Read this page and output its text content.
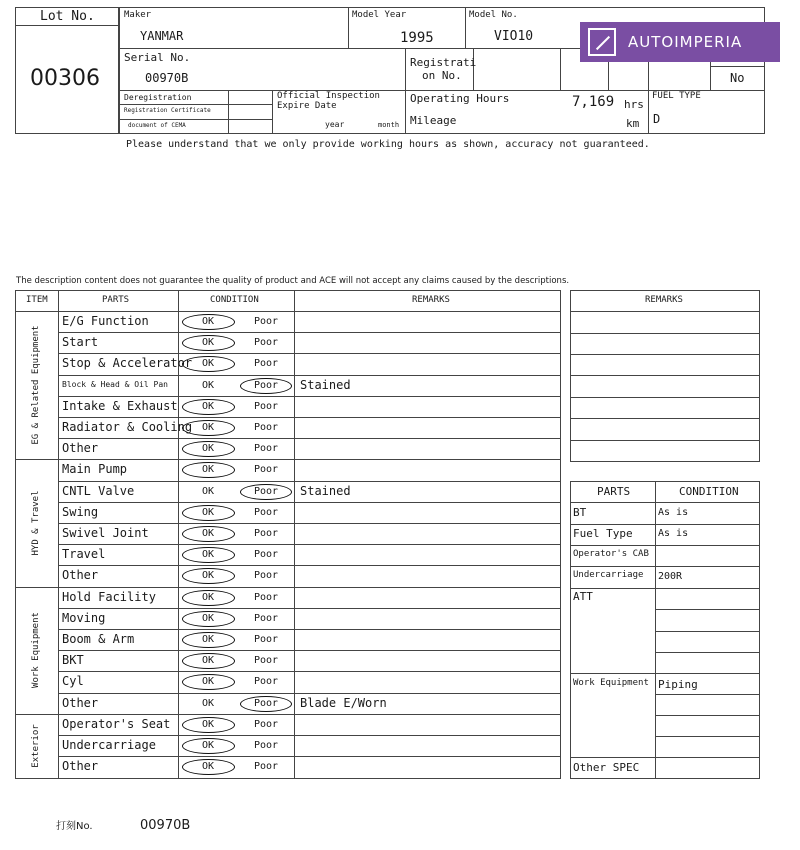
Lot No.
00306
Maker
YANMAR
Model Year
1995
Model No.
VIO10
Serial No.
00970B
Registrati
on No.	No
Deregistration
Registration Certificate
document of CEMA
Official Inspection
Expire Date
year	month
Operating Hours	7,169 hrs
Mileage	km
FUEL TYPE
D
Please understand that we only provide working hours as shown, accuracy not guaranteed.
AUTOIMPERIA
The description content does not guarantee the quality of product and ACE will not accept any claims caused by the descriptions.
ITEM	PARTS	CONDITION	REMARKS
EG & Related Equipment
E/G Function	OK	Poor
Start	OK	Poor
Stop & Accelerator OK	Poor
Block & Head & Oil Pan	OK	Poor Stained
Intake & Exhaust OK	Poor
Radiator & Cooling OK	Poor
Other	OK	Poor
HYD & Travel
Main Pump	OK	Poor
CNTL Valve	OK	Poor Stained
Swing	OK	Poor
Swivel Joint	OK	Poor
Travel	OK	Poor
Other	OK	Poor
Work Equipment
Hold Facility	OK	Poor
Moving	OK	Poor
Boom & Arm	OK	Poor
BKT	OK	Poor
Cyl	OK	Poor
Other	OK	Poor Blade E/Worn
Exterior
Operator's Seat	OK	Poor
Undercarriage	OK	Poor
Other	OK	Poor
REMARKS
PARTS	CONDITION
BT	As is
Fuel Type	As is
Operator's CAB
Undercarriage 200R
ATT
Work Equipment Piping
Other SPEC
打刻No.	00970B
